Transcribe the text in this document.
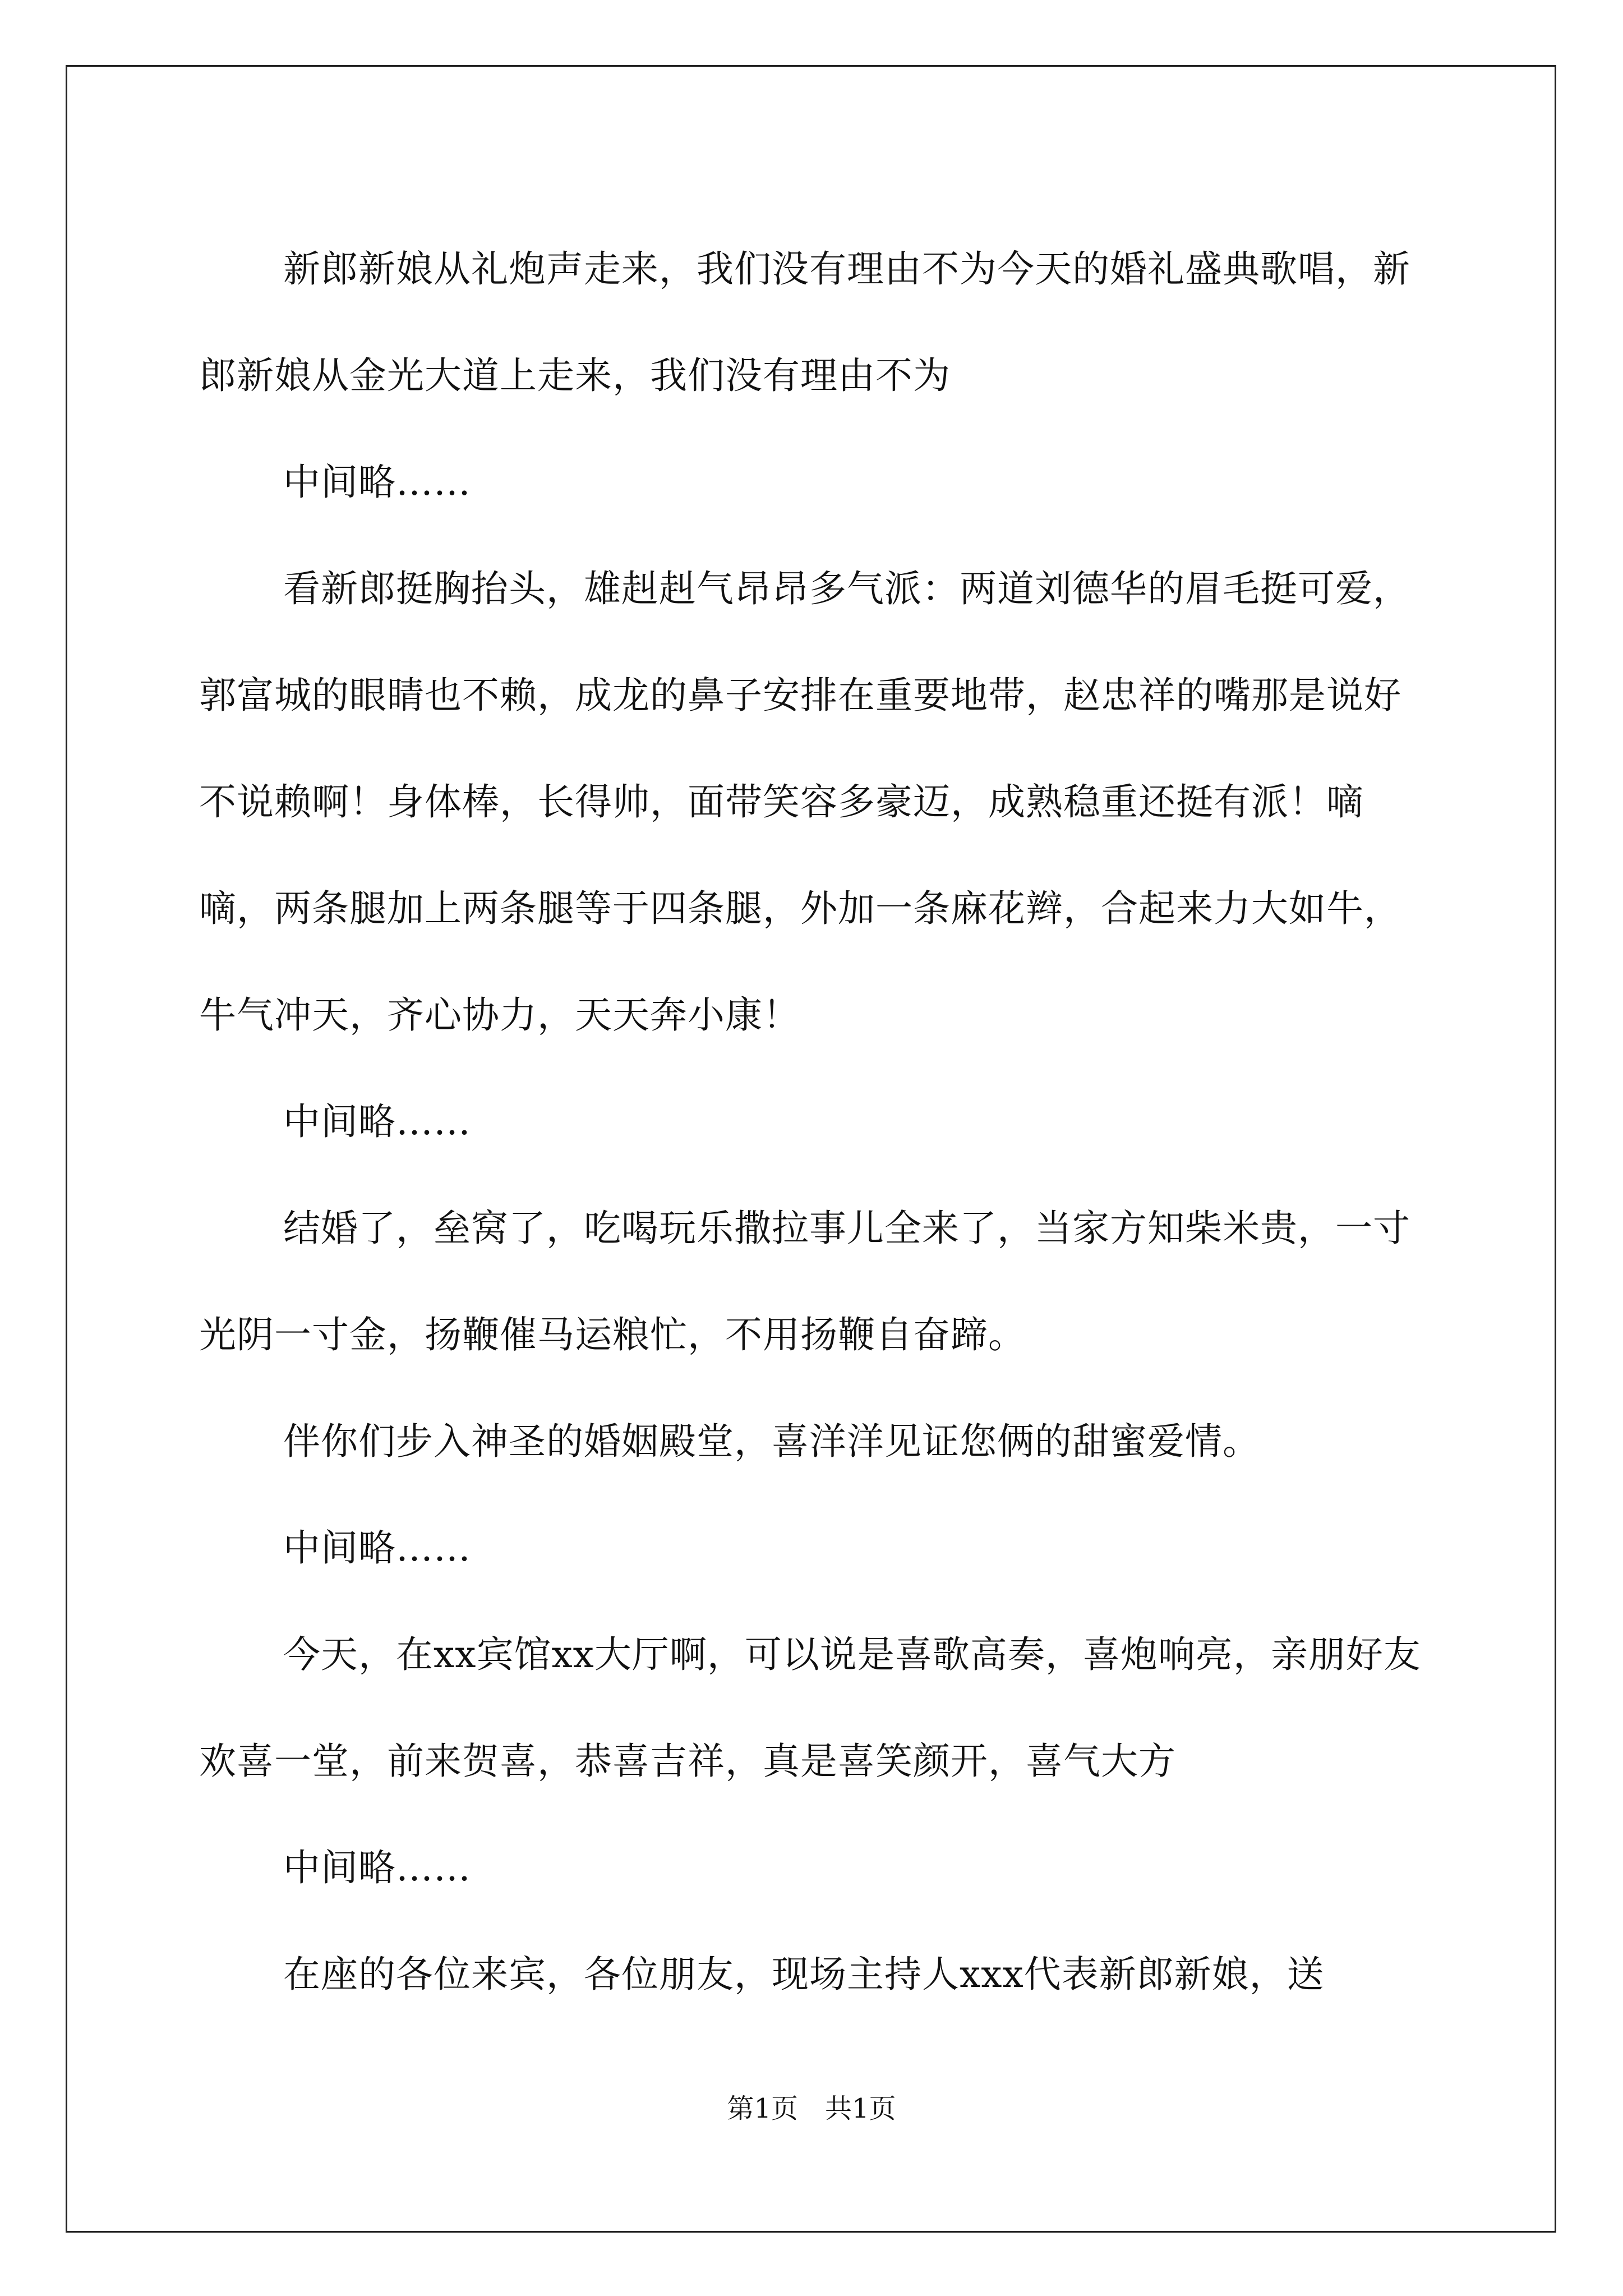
新郎新娘从礼炮声走来，我们没有理由不为今天的婚礼盛典歌唱，新郎新娘从金光大道上走来，我们没有理由不为

中间略……

看新郎挺胸抬头，雄赳赳气昂昂多气派：两道刘德华的眉毛挺可爱，郭富城的眼睛也不赖，成龙的鼻子安排在重要地带，赵忠祥的嘴那是说好不说赖啊！身体棒，长得帅，面带笑容多豪迈，成熟稳重还挺有派！嘀嘀，两条腿加上两条腿等于四条腿，外加一条麻花辫，合起来力大如牛，牛气冲天，齐心协力，天天奔小康！

中间略……

结婚了，垒窝了，吃喝玩乐撒拉事儿全来了，当家方知柴米贵，一寸光阴一寸金，扬鞭催马运粮忙，不用扬鞭自奋蹄。

伴你们步入神圣的婚姻殿堂，喜洋洋见证您俩的甜蜜爱情。

中间略……

今天，在xx宾馆xx大厅啊，可以说是喜歌高奏，喜炮响亮，亲朋好友欢喜一堂，前来贺喜，恭喜吉祥，真是喜笑颜开，喜气大方

中间略……

在座的各位来宾，各位朋友，现场主持人xxx代表新郎新娘，送

第1页　共1页
